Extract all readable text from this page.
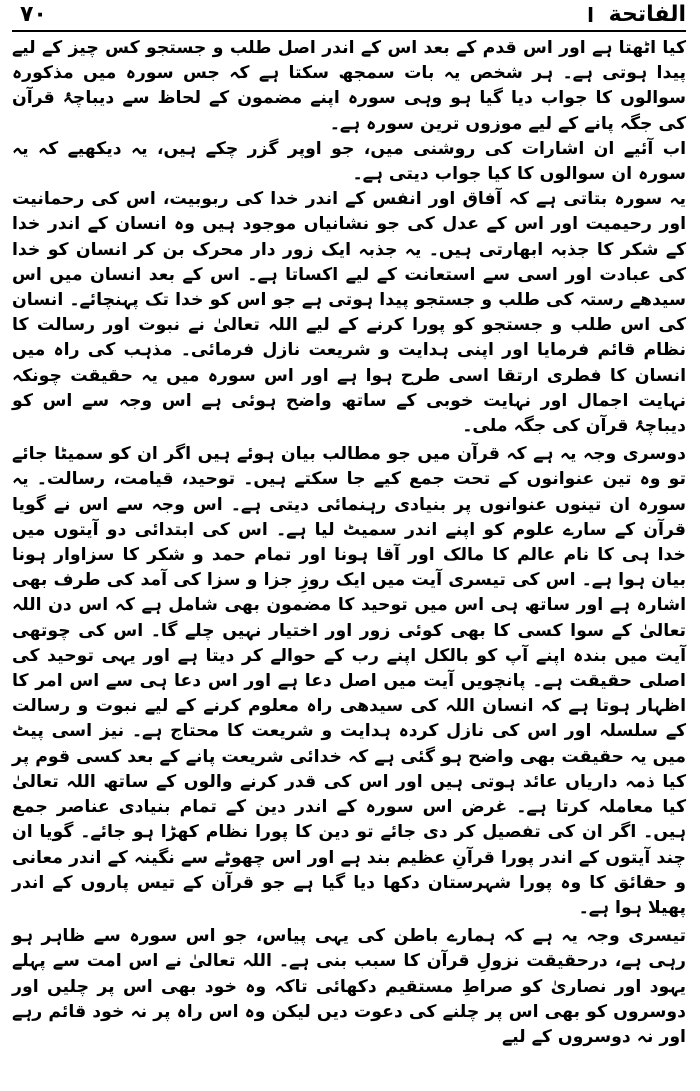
الفاتحة
ا
٧٠

کیا اٹھتا ہے اور اس قدم کے بعد اس کے اندر اصل طلب و جستجو کس چیز کے لیے پیدا ہوتی ہے۔ ہر شخص یہ بات سمجھ سکتا ہے کہ جس سورہ میں مذکورہ سوالوں کا جواب دیا گیا ہو وہی سورہ اپنے مضمون کے لحاظ سے دیباچۂ قرآن کی جگہ پانے کے لیے موزوں ترین سورہ ہے۔

اب آئیے ان اشارات کی روشنی میں، جو اوپر گزر چکے ہیں، یہ دیکھیے کہ یہ سورہ ان سوالوں کا کیا جواب دیتی ہے۔

یہ سورہ بتاتی ہے کہ آفاق اور انفس کے اندر خدا کی ربوبیت، اس کی رحمانیت اور رحیمیت اور اس کے عدل کی جو نشانیاں موجود ہیں وہ انسان کے اندر خدا کے شکر کا جذبہ ابھارتی ہیں۔ یہ جذبہ ایک زور دار محرک بن کر انسان کو خدا کی عبادت اور اسی سے استعانت کے لیے اکساتا ہے۔ اس کے بعد انسان میں اس سیدھے رستہ کی طلب و جستجو پیدا ہوتی ہے جو اس کو خدا تک پہنچائے۔ انسان کی اس طلب و جستجو کو پورا کرنے کے لیے اللہ تعالیٰ نے نبوت اور رسالت کا نظام قائم فرمایا اور اپنی ہدایت و شریعت نازل فرمائی۔ مذہب کی راہ میں انسان کا فطری ارتقا اسی طرح ہوا ہے اور اس سورہ میں یہ حقیقت چونکہ نہایت اجمال اور نہایت خوبی کے ساتھ واضح ہوئی ہے اس وجہ سے اس کو دیباچۂ قرآن کی جگہ ملی۔

دوسری وجہ یہ ہے کہ قرآن میں جو مطالب بیان ہوئے ہیں اگر ان کو سمیٹا جائے تو وہ تین عنوانوں کے تحت جمع کیے جا سکتے ہیں۔ توحید، قیامت، رسالت۔ یہ سورہ ان تینوں عنوانوں پر بنیادی رہنمائی دیتی ہے۔ اس وجہ سے اس نے گویا قرآن کے سارے علوم کو اپنے اندر سمیٹ لیا ہے۔ اس کی ابتدائی دو آیتوں میں خدا ہی کا نام عالم کا مالک اور آقا ہونا اور تمام حمد و شکر کا سزاوار ہونا بیان ہوا ہے۔ اس کی تیسری آیت میں ایک روزِ جزا و سزا کی آمد کی طرف بھی اشارہ ہے اور ساتھ ہی اس میں توحید کا مضمون بھی شامل ہے کہ اس دن اللہ تعالیٰ کے سوا کسی کا بھی کوئی زور اور اختیار نہیں چلے گا۔ اس کی چوتھی آیت میں بندہ اپنے آپ کو بالکل اپنے رب کے حوالے کر دیتا ہے اور یہی توحید کی اصلی حقیقت ہے۔ پانچویں آیت میں اصل دعا ہے اور اس دعا ہی سے اس امر کا اظہار ہوتا ہے کہ انسان اللہ کی سیدھی راہ معلوم کرنے کے لیے نبوت و رسالت کے سلسلہ اور اس کی نازل کردہ ہدایت و شریعت کا محتاج ہے۔ نیز اسی پیٹ میں یہ حقیقت بھی واضح ہو گئی ہے کہ خدائی شریعت پانے کے بعد کسی قوم پر کیا ذمہ داریاں عائد ہوتی ہیں اور اس کی قدر کرنے والوں کے ساتھ اللہ تعالیٰ کیا معاملہ کرتا ہے۔ غرض اس سورہ کے اندر دین کے تمام بنیادی عناصر جمع ہیں۔ اگر ان کی تفصیل کر دی جائے تو دین کا پورا نظام کھڑا ہو جائے۔ گویا ان چند آیتوں کے اندر پورا قرآنِ عظیم بند ہے اور اس چھوٹے سے نگینہ کے اندر معانی و حقائق کا وہ پورا شہرستان دکھا دیا گیا ہے جو قرآن کے تیس پاروں کے اندر پھیلا ہوا ہے۔

تیسری وجہ یہ ہے کہ ہمارے باطن کی یہی پیاس، جو اس سورہ سے ظاہر ہو رہی ہے، درحقیقت نزولِ قرآن کا سبب بنی ہے۔ اللہ تعالیٰ نے اس امت سے پہلے یہود اور نصاریٰ کو صراطِ مستقیم دکھائی تاکہ وہ خود بھی اس پر چلیں اور دوسروں کو بھی اس پر چلنے کی دعوت دیں لیکن وہ اس راہ پر نہ خود قائم رہے اور نہ دوسروں کے لیے
